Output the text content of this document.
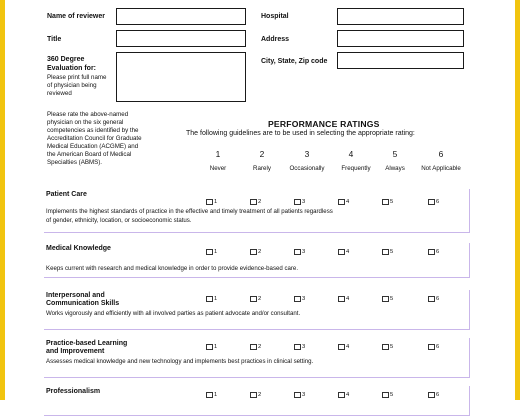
Name of reviewer	Hospital
Title	Address
360 Degree
Evaluation for:
Please print full name
of physician being
reviewed
City, State, Zip code
Please rate the above-named
physician on the six general
competencies as identified by the
Accreditation Council for Graduate
Medical Education (ACGME) and
the American Board of Medical
Specialties (ABMS).
PERFORMANCE RATINGS
The following guidelines are to be used in selecting the appropriate rating:
1	2	3	4	5	6
Never	Rarely	Occasionally	Frequently	Always	Not Applicable
Patient Care
Implements the highest standards of practice in the effective and timely treatment of all patients regardless
of gender, ethnicity, location, or socioeconomic status.
1	2	3	4	5	6
Medical Knowledge
Keeps current with research and medical knowledge in order to provide evidence-based care.
1	2	3	4	5	6
Interpersonal and
Communication Skills
Works vigorously and efficiently with all involved parties as patient advocate and/or consultant.
1	2	3	4	5	6
Practice-based Learning
and Improvement
Assesses medical knowledge and new technology and implements best practices in clinical setting.
1	2	3	4	5	6
Professionalism	1	2	3	4	5	6
